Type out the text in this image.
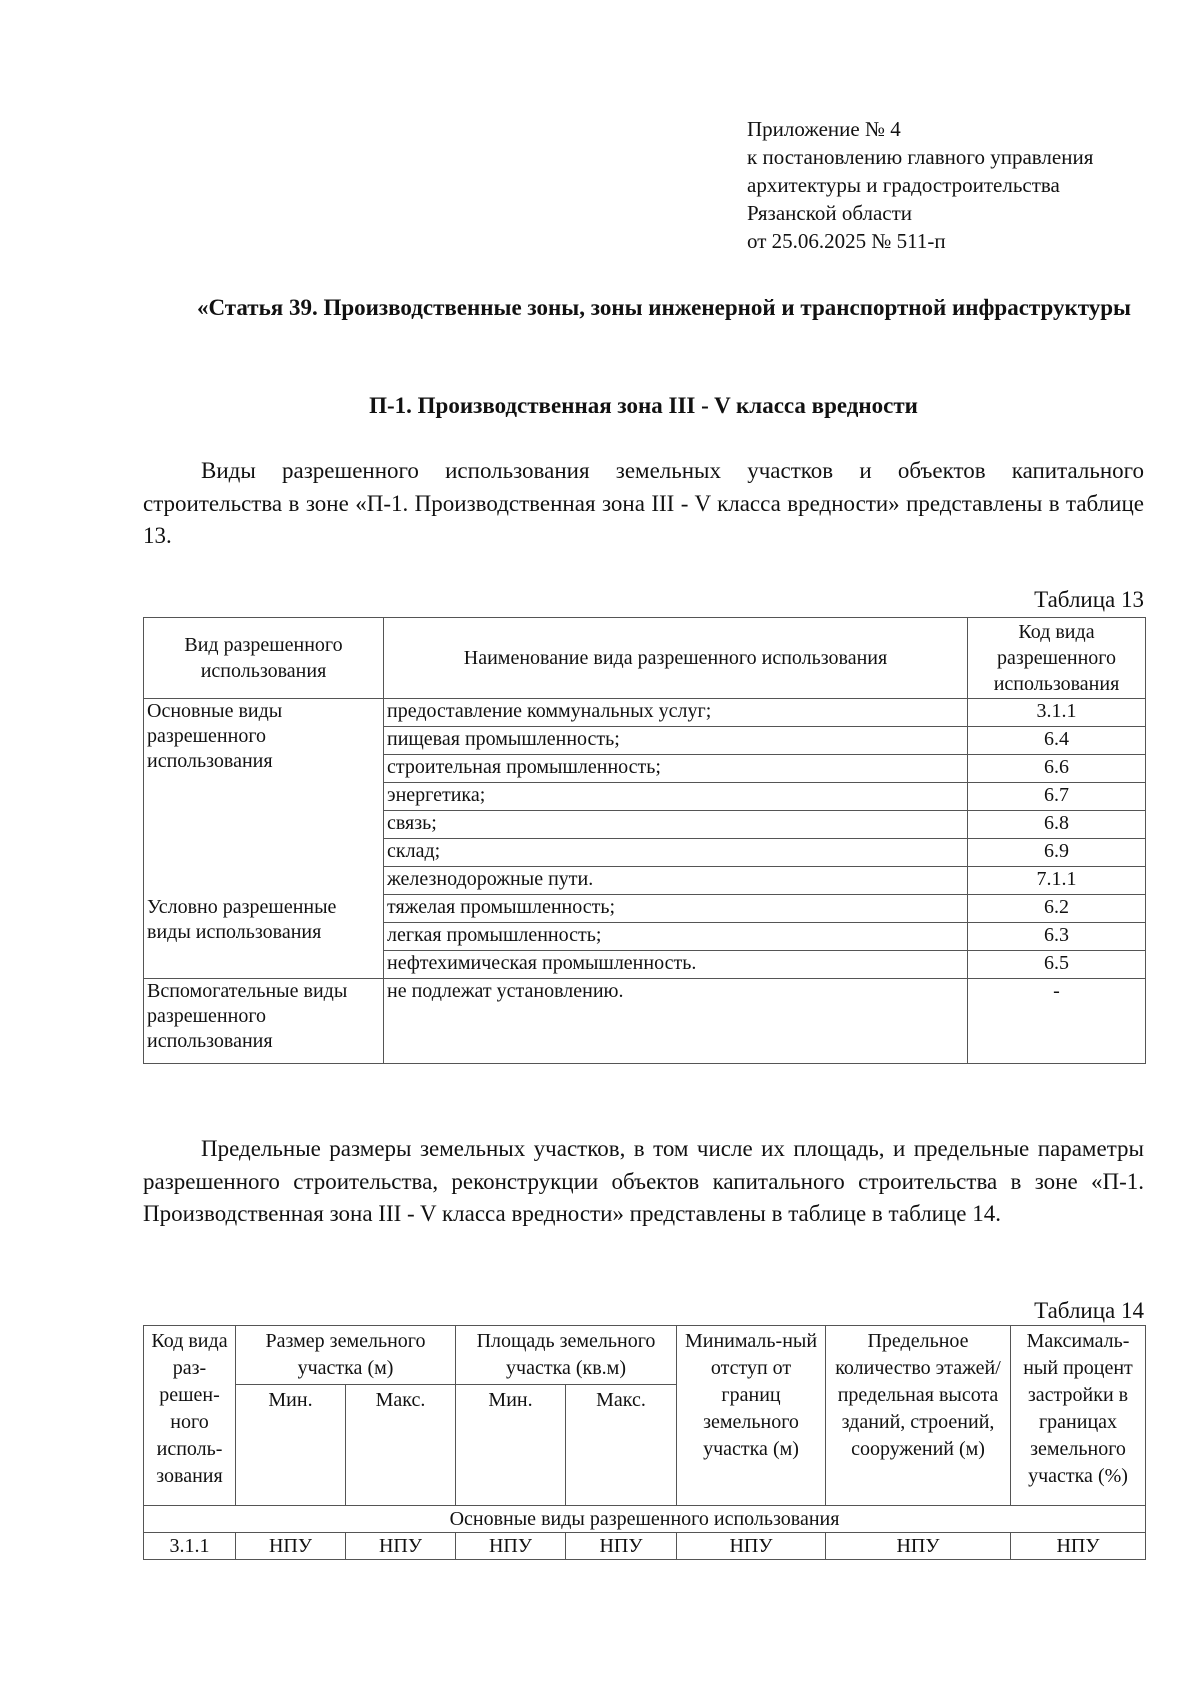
Приложение № 4
к постановлению главного управления
архитектуры и градостроительства
Рязанской области
от 25.06.2025 № 511-п
«Статья 39. Производственные зоны, зоны инженерной и транспортной инфраструктуры
П-1. Производственная зона III - V класса вредности
Виды разрешенного использования земельных участков и объектов капитального строительства в зоне «П-1. Производственная зона III - V класса вредности» представлены в таблице 13.
Таблица 13
Вид разрешенного использования	Наименование вида разрешенного использования	Код вида разрешенного использования
Основные виды разрешенного использования	предоставление коммунальных услуг;	3.1.1
	пищевая промышленность;	6.4
	строительная промышленность;	6.6
	энергетика;	6.7
	связь;	6.8
	склад;	6.9
	железнодорожные пути.	7.1.1
Условно разрешенные виды использования	тяжелая промышленность;	6.2
	легкая промышленность;	6.3
	нефтехимическая промышленность.	6.5
Вспомогательные виды разрешенного использования	не подлежат установлению.	-
Предельные размеры земельных участков, в том числе их площадь, и предельные параметры разрешенного строительства, реконструкции объектов капитального строительства в зоне «П-1. Производственная зона III - V класса вредности» представлены в таблице в таблице 14.
Таблица 14
Код вида раз-решен-ного исполь-зования	Размер земельного участка (м)		Площадь земельного участка (кв.м)		Минималь-ный отступ от границ земельного участка (м)	Предельное количество этажей/ предельная высота зданий, строений, сооружений (м)	Максималь-ный процент застройки в границах земельного участка (%)
	Мин.	Макс.	Мин.	Макс.			
Основные виды разрешенного использования							
3.1.1	НПУ	НПУ	НПУ	НПУ	НПУ	НПУ	НПУ
